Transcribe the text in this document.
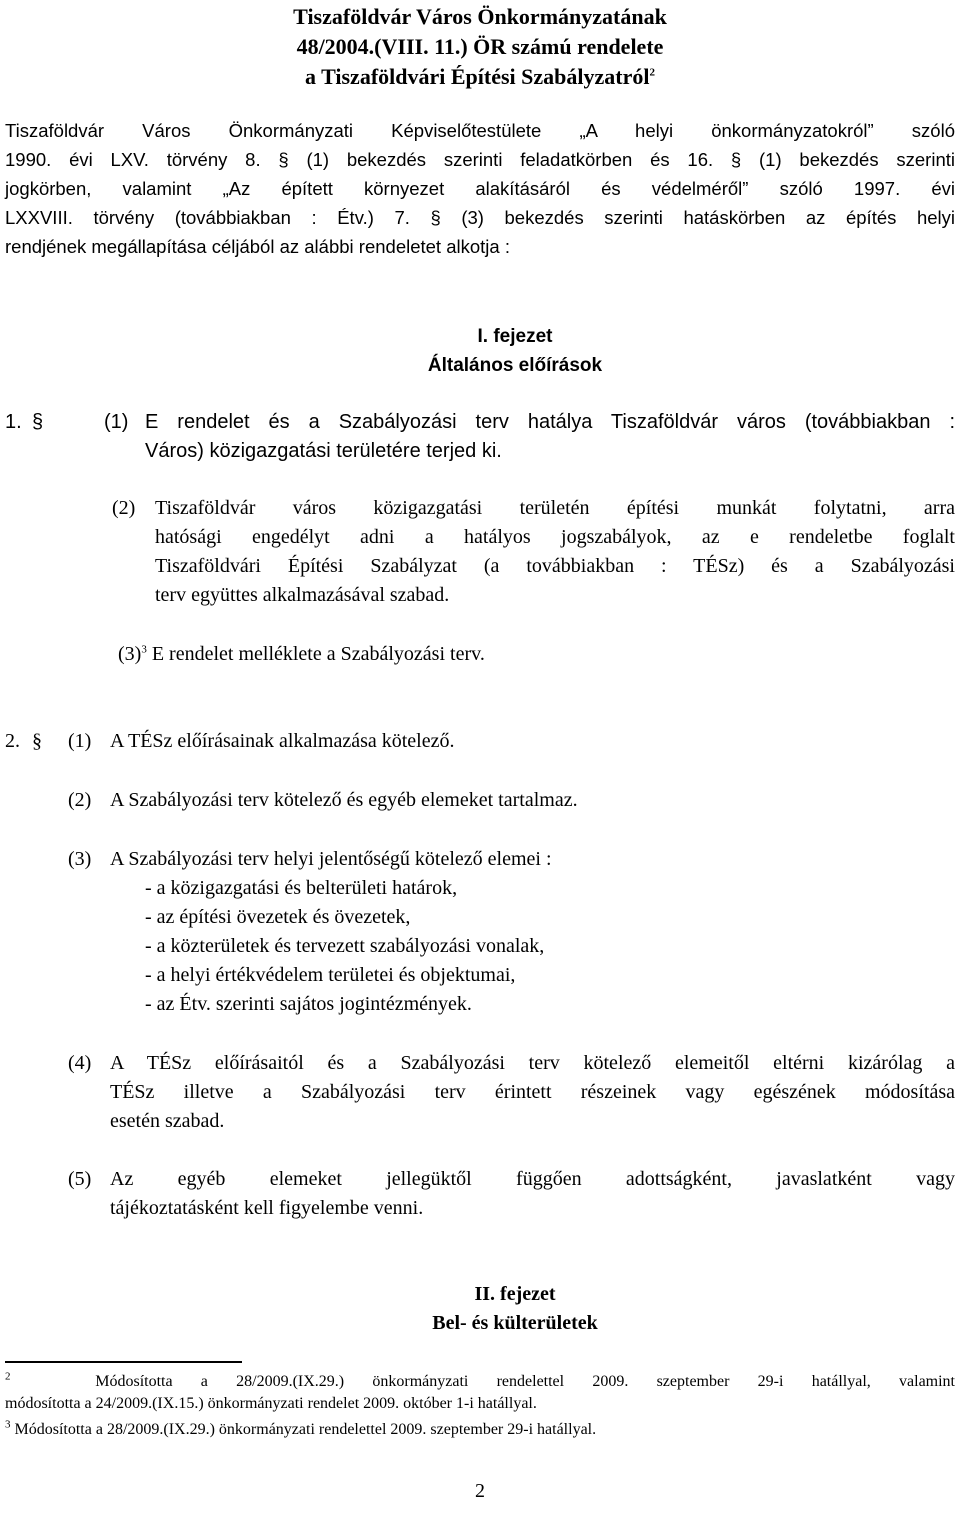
Tiszaföldvár Város Önkormányzatának
48/2004.(VIII. 11.) ÖR számú rendelete
a Tiszaföldvári Építési Szabályzatról$^2$
Tiszaföldvár Város Önkormányzati Képviselőtestülete „A helyi önkormányzatokról” szóló
1990. évi LXV. törvény 8. § (1) bekezdés szerinti feladatkörben és 16. § (1) bekezdés szerinti
jogkörben, valamint „Az épített környezet alakításáról és védelméről” szóló 1997. évi
LXXVIII. törvény (továbbiakban : Étv.) 7. § (3) bekezdés szerinti hatáskörben az építés helyi
rendjének megállapítása céljából az alábbi rendeletet alkotja :
I. fejezet
Általános előírások
1. §	(1) E rendelet és a Szabályozási terv hatálya Tiszaföldvár város (továbbiakban :
Város) közigazgatási területére terjed ki.
(2) Tiszaföldvár város közigazgatási területén építési munkát folytatni, arra
hatósági engedélyt adni a hatályos jogszabályok, az e rendeletbe foglalt
Tiszaföldvári Építési Szabályzat (a továbbiakban : TÉSz) és a Szabályozási
terv együttes alkalmazásával szabad.
$(3)^3$ E rendelet melléklete a Szabályozási terv.
2. § (1) A TÉSz előírásainak alkalmazása kötelező.
(2) A Szabályozási terv kötelező és egyéb elemeket tartalmaz.
(3) A Szabályozási terv helyi jelentőségű kötelező elemei :
- a közigazgatási és belterületi határok,
- az építési övezetek és övezetek,
- a közterületek és tervezett szabályozási vonalak,
- a helyi értékvédelem területei és objektumai,
- az Étv. szerinti sajátos jogintézmények.
(4) A TÉSz előírásaitól és a Szabályozási terv kötelező elemeitől eltérni kizárólag a
TÉSz illetve a Szabályozási terv érintett részeinek vagy egészének módosítása
esetén szabad.
(5) Az egyéb elemeket jellegüktől függően adottságként, javaslatként vagy
tájékoztatásként kell figyelembe venni.
II. fejezet
Bel- és külterületek
$^2$	Módosította a 28/2009.(IX.29.) önkormányzati rendelettel 2009. szeptember 29-i hatállyal, valamint
módosította a 24/2009.(IX.15.) önkormányzati rendelet 2009. október 1-i hatállyal.
$^3$ Módosította a 28/2009.(IX.29.) önkormányzati rendelettel 2009. szeptember 29-i hatállyal.
2
